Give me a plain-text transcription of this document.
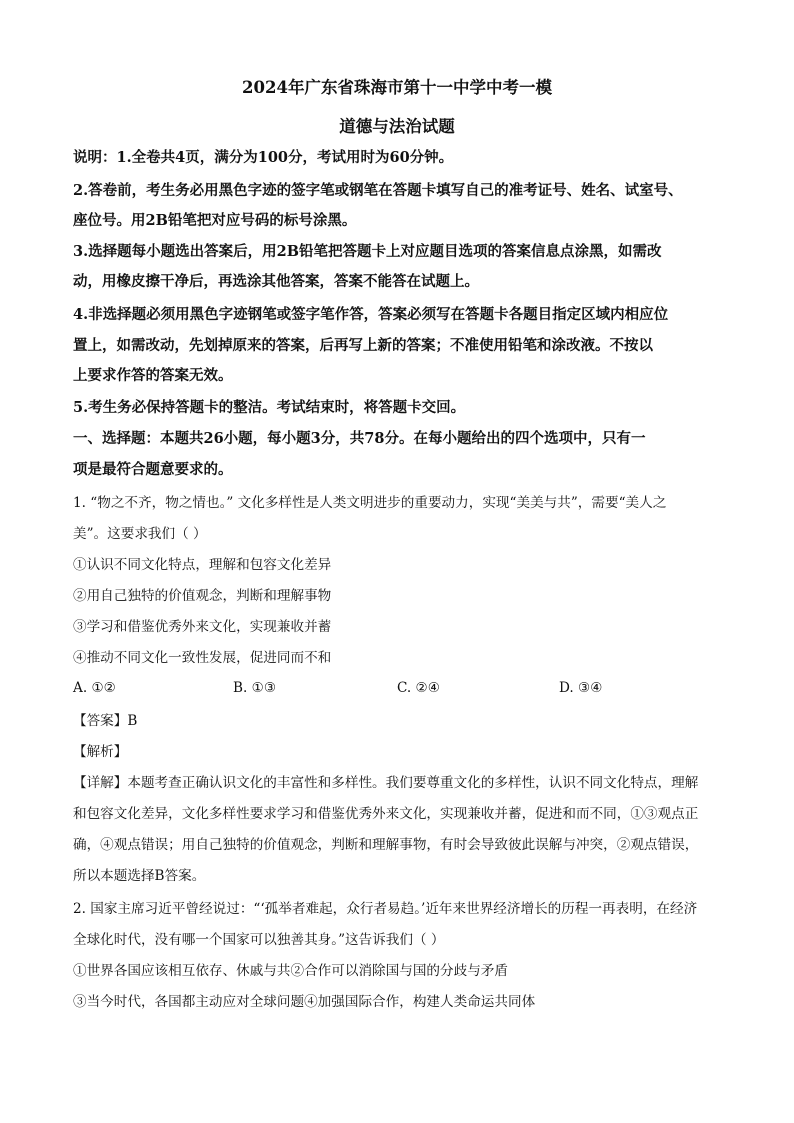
2024年广东省珠海市第十一中学中考一模
道德与法治试题
说明：1.全卷共4页，满分为100分，考试用时为60分钟。
2.答卷前，考生务必用黑色字迹的签字笔或钢笔在答题卡填写自己的准考证号、姓名、试室号、
座位号。用2B铅笔把对应号码的标号涂黑。
3.选择题每小题选出答案后，用2B铅笔把答题卡上对应题目选项的答案信息点涂黑，如需改
动，用橡皮擦干净后，再选涂其他答案，答案不能答在试题上。
4.非选择题必须用黑色字迹钢笔或签字笔作答，答案必须写在答题卡各题目指定区域内相应位
置上，如需改动，先划掉原来的答案，后再写上新的答案；不准使用铅笔和涂改液。不按以
上要求作答的答案无效。
5.考生务必保持答题卡的整洁。考试结束时，将答题卡交回。
一、选择题：本题共26小题，每小题3分，共78分。在每小题给出的四个选项中，只有一
项是最符合题意要求的。
1. “物之不齐，物之情也。” 文化多样性是人类文明进步的重要动力，实现“美美与共”，需要“美人之
美”。这要求我们（ ）
①认识不同文化特点，理解和包容文化差异
②用自己独特的价值观念，判断和理解事物
③学习和借鉴优秀外来文化，实现兼收并蓄
④推动不同文化一致性发展，促进同而不和
A. ①②	B. ①③	C. ②④	D. ③④
【答案】B
【解析】
【详解】本题考查正确认识文化的丰富性和多样性。我们要尊重文化的多样性，认识不同文化特点，理解
和包容文化差异，文化多样性要求学习和借鉴优秀外来文化，实现兼收并蓄，促进和而不同，①③观点正
确，④观点错误；用自己独特的价值观念，判断和理解事物，有时会导致彼此误解与冲突，②观点错误，
所以本题选择B答案。
2. 国家主席习近平曾经说过：“‘孤举者难起，众行者易趋。’近年来世界经济增长的历程一再表明，在经济
全球化时代，没有哪一个国家可以独善其身。”这告诉我们（ ）
①世界各国应该相互依存、休戚与共②合作可以消除国与国的分歧与矛盾
③当今时代，各国都主动应对全球问题④加强国际合作，构建人类命运共同体
